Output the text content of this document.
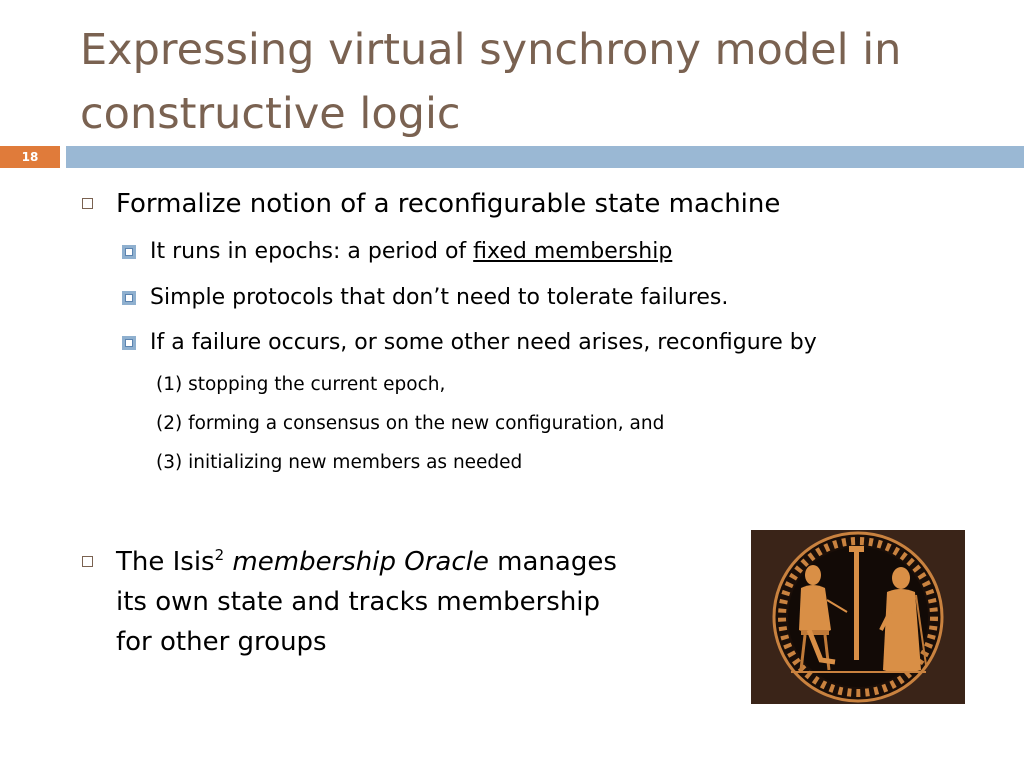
Expressing virtual synchrony model in constructive logic
18
Formalize notion of a reconfigurable state machine
It runs in epochs: a period of fixed membership
Simple protocols that don’t need to tolerate failures.
If a failure occurs, or some other need arises, reconfigure by
(1) stopping the current epoch,
(2) forming a consensus on the new configuration, and
(3) initializing new members as needed
The Isis$^2$ membership Oracle manages
its own state and tracks membership
for other groups
